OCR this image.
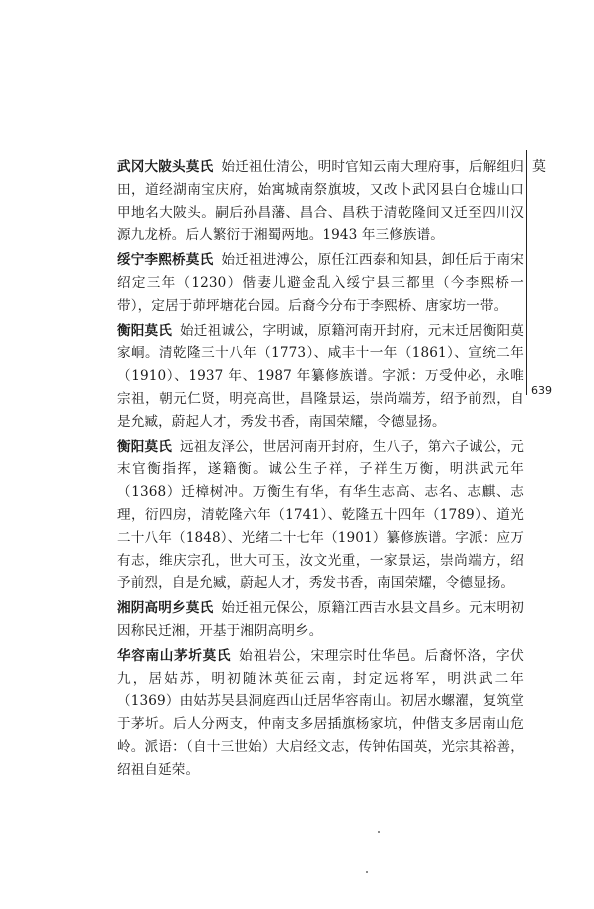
莫
639

武冈大陂头莫氏 始迁祖仕清公，明时官知云南大理府事，后解组归田，道经湖南宝庆府，始寓城南祭旗坡，又改卜武冈县白仓墟山口甲地名大陂头。嗣后孙昌藩、昌合、昌秩于清乾隆间又迁至四川汉源九龙桥。后人繁衍于湘蜀两地。1943 年三修族谱。

绥宁李熙桥莫氏 始迁祖进溥公，原任江西泰和知县，卸任后于南宋绍定三年（1230）偕妻儿避金乱入绥宁县三都里（今李熙桥一带），定居于茆坪塘花台园。后裔今分布于李熙桥、唐家坊一带。

衡阳莫氏 始迁祖诚公，字明诚，原籍河南开封府，元末迁居衡阳莫家峒。清乾隆三十八年（1773）、咸丰十一年（1861）、宣统二年（1910）、1937 年、1987 年纂修族谱。字派：万受仲必，永唯宗祖，朝元仁贤，明亮高世，昌隆景运，崇尚端芳，绍予前烈，自是允臧，蔚起人才，秀发书香，南国荣耀，令德显扬。

衡阳莫氏 远祖友泽公，世居河南开封府，生八子，第六子诚公，元末官衡指挥，遂籍衡。诚公生子祥，子祥生万衡，明洪武元年（1368）迁樟树冲。万衡生有华，有华生志高、志名、志麒、志理，衍四房，清乾隆六年（1741）、乾隆五十四年（1789）、道光二十八年（1848）、光绪二十七年（1901）纂修族谱。字派：应万有志，维庆宗孔，世大可玉，汝文光重，一家景运，崇尚端方，绍予前烈，自是允臧，蔚起人才，秀发书香，南国荣耀，令德显扬。

湘阴高明乡莫氏 始迁祖元保公，原籍江西吉水县文昌乡。元末明初因称民迁湘，开基于湘阴高明乡。

华容南山茅圻莫氏 始祖岩公，宋理宗时仕华邑。后裔怀洛，字伏九，居姑苏，明初随沐英征云南，封定远将军，明洪武二年（1369）由姑苏吴县洞庭西山迁居华容南山。初居水螺濯，复筑堂于茅圻。后人分两支，仲南支多居插旗杨家坑，仲偕支多居南山危岭。派语：（自十三世始）大启经文志，传钟佑国英，光宗其裕善，绍祖自延荣。
